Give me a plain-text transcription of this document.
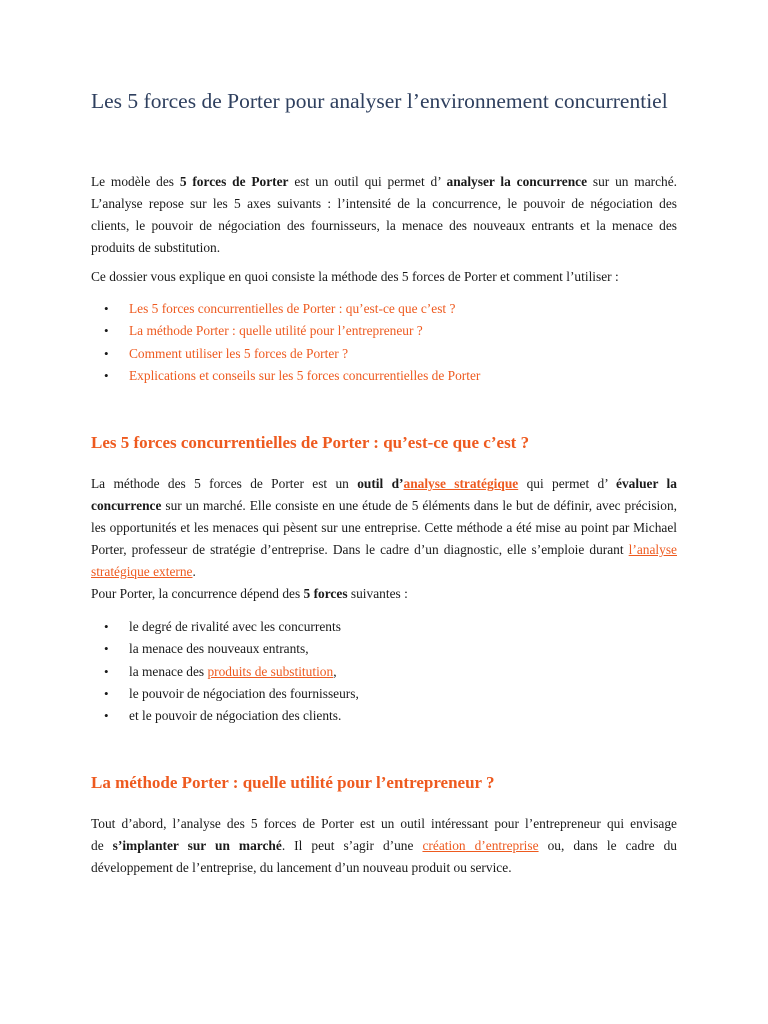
Les 5 forces de Porter pour analyser l’environnement concurrentiel

Le modèle des 5 forces de Porter est un outil qui permet d’ analyser la concurrence sur un marché.
L’analyse repose sur les 5 axes suivants : l’intensité de la concurrence, le pouvoir de négociation des
clients, le pouvoir de négociation des fournisseurs, la menace des nouveaux entrants et la menace des
produits de substitution.

Ce dossier vous explique en quoi consiste la méthode des 5 forces de Porter et comment l’utiliser :

• Les 5 forces concurrentielles de Porter : qu’est-ce que c’est ?
• La méthode Porter : quelle utilité pour l’entrepreneur ?
• Comment utiliser les 5 forces de Porter ?
• Explications et conseils sur les 5 forces concurrentielles de Porter
Les 5 forces concurrentielles de Porter : qu’est-ce que c’est ?

La méthode des 5 forces de Porter est un outil d’analyse stratégique qui permet d’ évaluer la
concurrence sur un marché. Elle consiste en une étude de 5 éléments dans le but de définir, avec précision,
les opportunités et les menaces qui pèsent sur une entreprise. Cette méthode a été mise au point par Michael
Porter, professeur de stratégie d’entreprise. Dans le cadre d’un diagnostic, elle s’emploie durant l’analyse
stratégique externe.
Pour Porter, la concurrence dépend des 5 forces suivantes :

• le degré de rivalité avec les concurrents
• la menace des nouveaux entrants,
• la menace des produits de substitution,
• le pouvoir de négociation des fournisseurs,
• et le pouvoir de négociation des clients.
La méthode Porter : quelle utilité pour l’entrepreneur ?

Tout d’abord, l’analyse des 5 forces de Porter est un outil intéressant pour l’entrepreneur qui envisage
de s’implanter sur un marché. Il peut s’agir d’une création d’entreprise ou, dans le cadre du
développement de l’entreprise, du lancement d’un nouveau produit ou service.
